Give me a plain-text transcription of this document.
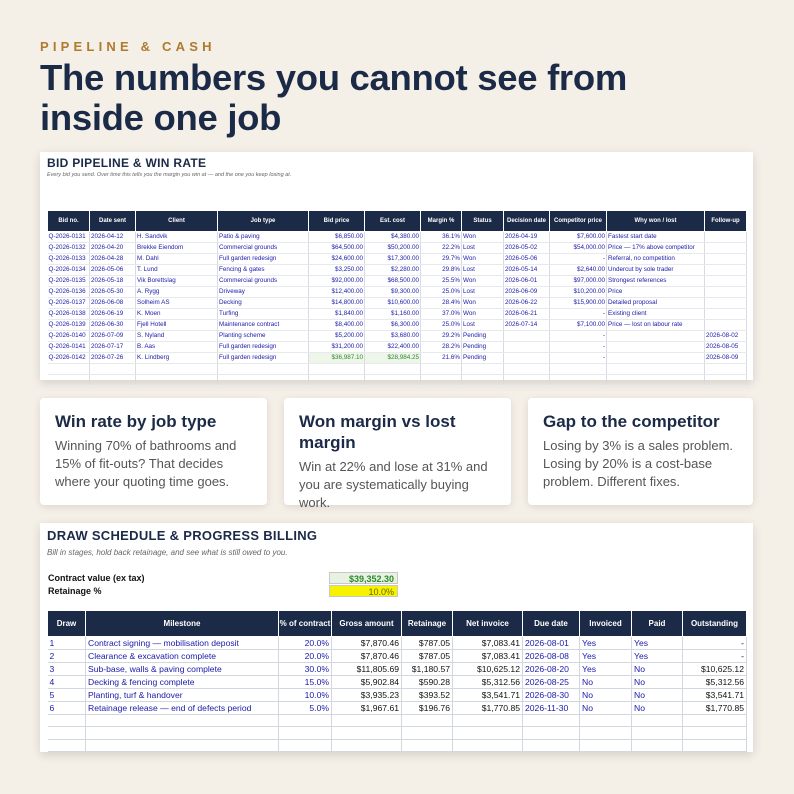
PIPELINE & CASH
The numbers you cannot see from inside one job
BID PIPELINE & WIN RATE
Every bid you send. Over time this tells you the margin you win at — and the one you keep losing at.
Bid no.	Date sent	Client	Job type	Bid price	Est. cost	Margin %	Status	Decision date	Competitor price	Why won / lost	Follow-up
Q-2026-0131	2026-04-12	H. Sandvik	Patio & paving	$6,850.00	$4,380.00	36.1%	Won	2026-04-19	$7,600.00	Fastest start date	
Q-2026-0132	2026-04-20	Brekke Eiendom	Commercial grounds	$64,500.00	$50,200.00	22.2%	Lost	2026-05-02	$54,000.00	Price — 17% above competitor	
Q-2026-0133	2026-04-28	M. Dahl	Full garden redesign	$24,600.00	$17,300.00	29.7%	Won	2026-05-06	-	Referral, no competition	
Q-2026-0134	2026-05-06	T. Lund	Fencing & gates	$3,250.00	$2,280.00	29.8%	Lost	2026-05-14	$2,640.00	Undercut by sole trader	
Q-2026-0135	2026-05-18	Vik Borettslag	Commercial grounds	$92,000.00	$68,500.00	25.5%	Won	2026-06-01	$97,000.00	Strongest references	
Q-2026-0136	2026-05-30	A. Rygg	Driveway	$12,400.00	$9,300.00	25.0%	Lost	2026-06-09	$10,200.00	Price	
Q-2026-0137	2026-06-08	Solheim AS	Decking	$14,800.00	$10,600.00	28.4%	Won	2026-06-22	$15,900.00	Detailed proposal	
Q-2026-0138	2026-06-19	K. Moen	Turfing	$1,840.00	$1,160.00	37.0%	Won	2026-06-21	-	Existing client	
Q-2026-0139	2026-06-30	Fjell Hotell	Maintenance contract	$8,400.00	$6,300.00	25.0%	Lost	2026-07-14	$7,100.00	Price — lost on labour rate	
Q-2026-0140	2026-07-09	S. Nyland	Planting scheme	$5,200.00	$3,680.00	29.2%	Pending		-		2026-08-02
Q-2026-0141	2026-07-17	B. Aas	Full garden redesign	$31,200.00	$22,400.00	28.2%	Pending		-		2026-08-05
Q-2026-0142	2026-07-26	K. Lindberg	Full garden redesign	$36,987.10	$28,984.25	21.6%	Pending		-		2026-08-09

Win rate by job type
Winning 70% of bathrooms and 15% of fit-outs? That decides where your quoting time goes.
Won margin vs lost margin
Win at 22% and lose at 31% and you are systematically buying work.
Gap to the competitor
Losing by 3% is a sales problem. Losing by 20% is a cost-base problem. Different fixes.
DRAW SCHEDULE & PROGRESS BILLING
Bill in stages, hold back retainage, and see what is still owed to you.
Contract value (ex tax)	$39,352.30
Retainage %	10.0%
Draw	Milestone	% of contract	Gross amount	Retainage	Net invoice	Due date	Invoiced	Paid	Outstanding
1	Contract signing — mobilisation deposit	20.0%	$7,870.46	$787.05	$7,083.41	2026-08-01	Yes	Yes	-
2	Clearance & excavation complete	20.0%	$7,870.46	$787.05	$7,083.41	2026-08-08	Yes	Yes	-
3	Sub-base, walls & paving complete	30.0%	$11,805.69	$1,180.57	$10,625.12	2026-08-20	Yes	No	$10,625.12
4	Decking & fencing complete	15.0%	$5,902.84	$590.28	$5,312.56	2026-08-25	No	No	$5,312.56
5	Planting, turf & handover	10.0%	$3,935.23	$393.52	$3,541.71	2026-08-30	No	No	$3,541.71
6	Retainage release — end of defects period	5.0%	$1,967.61	$196.76	$1,770.85	2026-11-30	No	No	$1,770.85
